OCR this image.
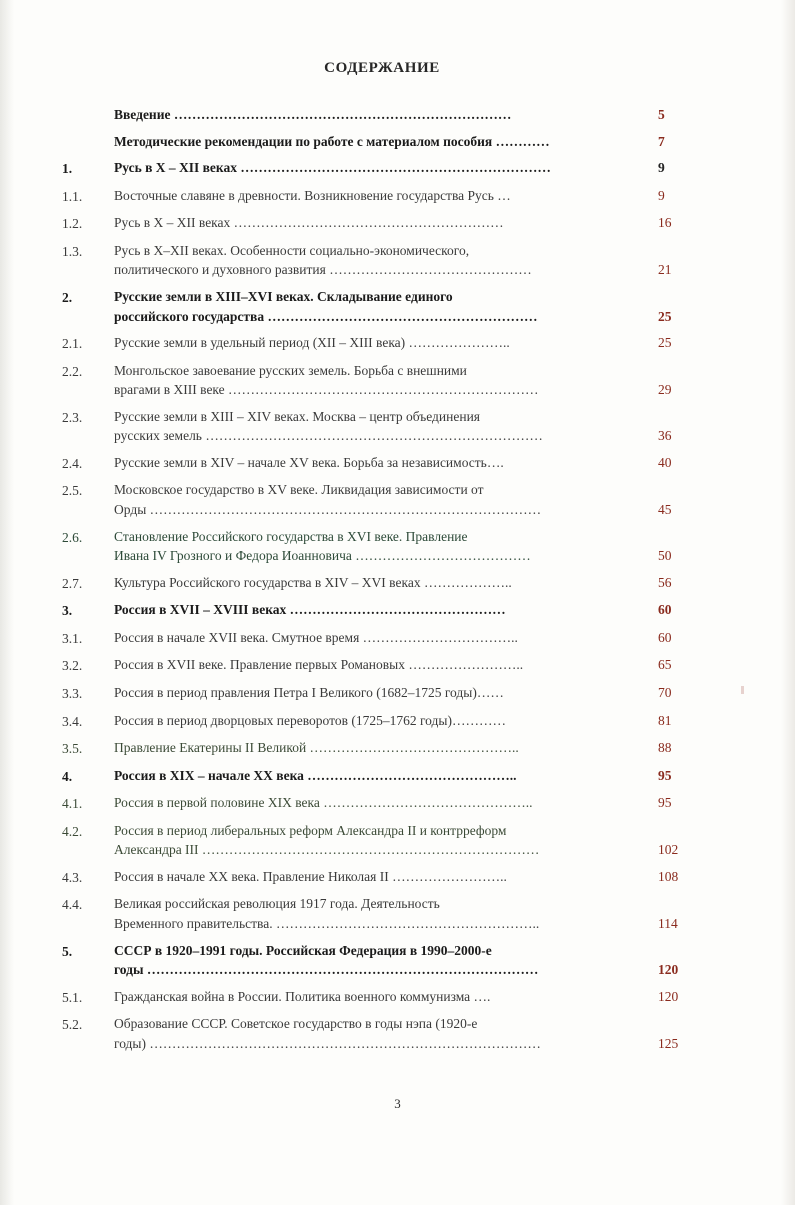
СОДЕРЖАНИЕ
Введение …………………………………………………………………	5
Методические рекомендации по работе с материалом пособия …………	7
1.	Русь в X – XII веках ……………………………………………………………	9
1.1.	Восточные славяне в древности. Возникновение государства Русь …	9
1.2.	Русь в X – XII веках ……………………………………………………	16
1.3.	Русь в X–XII веках. Особенности социально-экономического,
политического и духовного развития ………………………………………	21
2.	Русские земли в XIII–XVI веках. Складывание единого
российского государства ……………………………………………………	25
2.1.	Русские земли в удельный период (XII – XIII века) …………………..	25
2.2.	Монгольское завоевание русских земель. Борьба с внешними
врагами в XIII веке ……………………………………………………………	29
2.3.	Русские земли в XIII – XIV веках. Москва – центр объединения
русских земель …………………………………………………………………	36
2.4.	Русские земли в XIV – начале XV века. Борьба за независимость….	40
2.5.	Московское государство в XV веке. Ликвидация зависимости от
Орды ……………………………………………………………………………	45
2.6.	Становление Российского государства в XVI веке. Правление
Ивана IV Грозного и Федора Иоанновича …………………………………	50
2.7.	Культура Российского государства в XIV – XVI веках ………………..	56
3.	Россия в XVII – XVIII веках …………………………………………	60
3.1.	Россия в начале XVII века. Смутное время ……………………………..	60
3.2.	Россия в XVII веке. Правление первых Романовых ……………………..	65
3.3.	Россия в период правления Петра I Великого (1682–1725 годы)……	70
3.4.	Россия в период дворцовых переворотов (1725–1762 годы)…………	81
3.5.	Правление Екатерины II Великой ………………………………………..	88
4.	Россия в XIX – начале XX века ………………………………………..	95
4.1.	Россия в первой половине XIX века ………………………………………..	95
4.2.	Россия в период либеральных реформ Александра II и контрреформ
Александра III …………………………………………………………………	102
4.3.	Россия в начале XX века. Правление Николая II ……………………..	108
4.4.	Великая российская революция 1917 года. Деятельность
Временного правительства. …………………………………………………..	114
5.	СССР в 1920–1991 годы. Российская Федерация в 1990–2000-е
годы ……………………………………………………………………………	120
5.1.	Гражданская война в России. Политика военного коммунизма ….	120
5.2.	Образование СССР. Советское государство в годы нэпа (1920-е
годы) ……………………………………………………………………………	125
3
